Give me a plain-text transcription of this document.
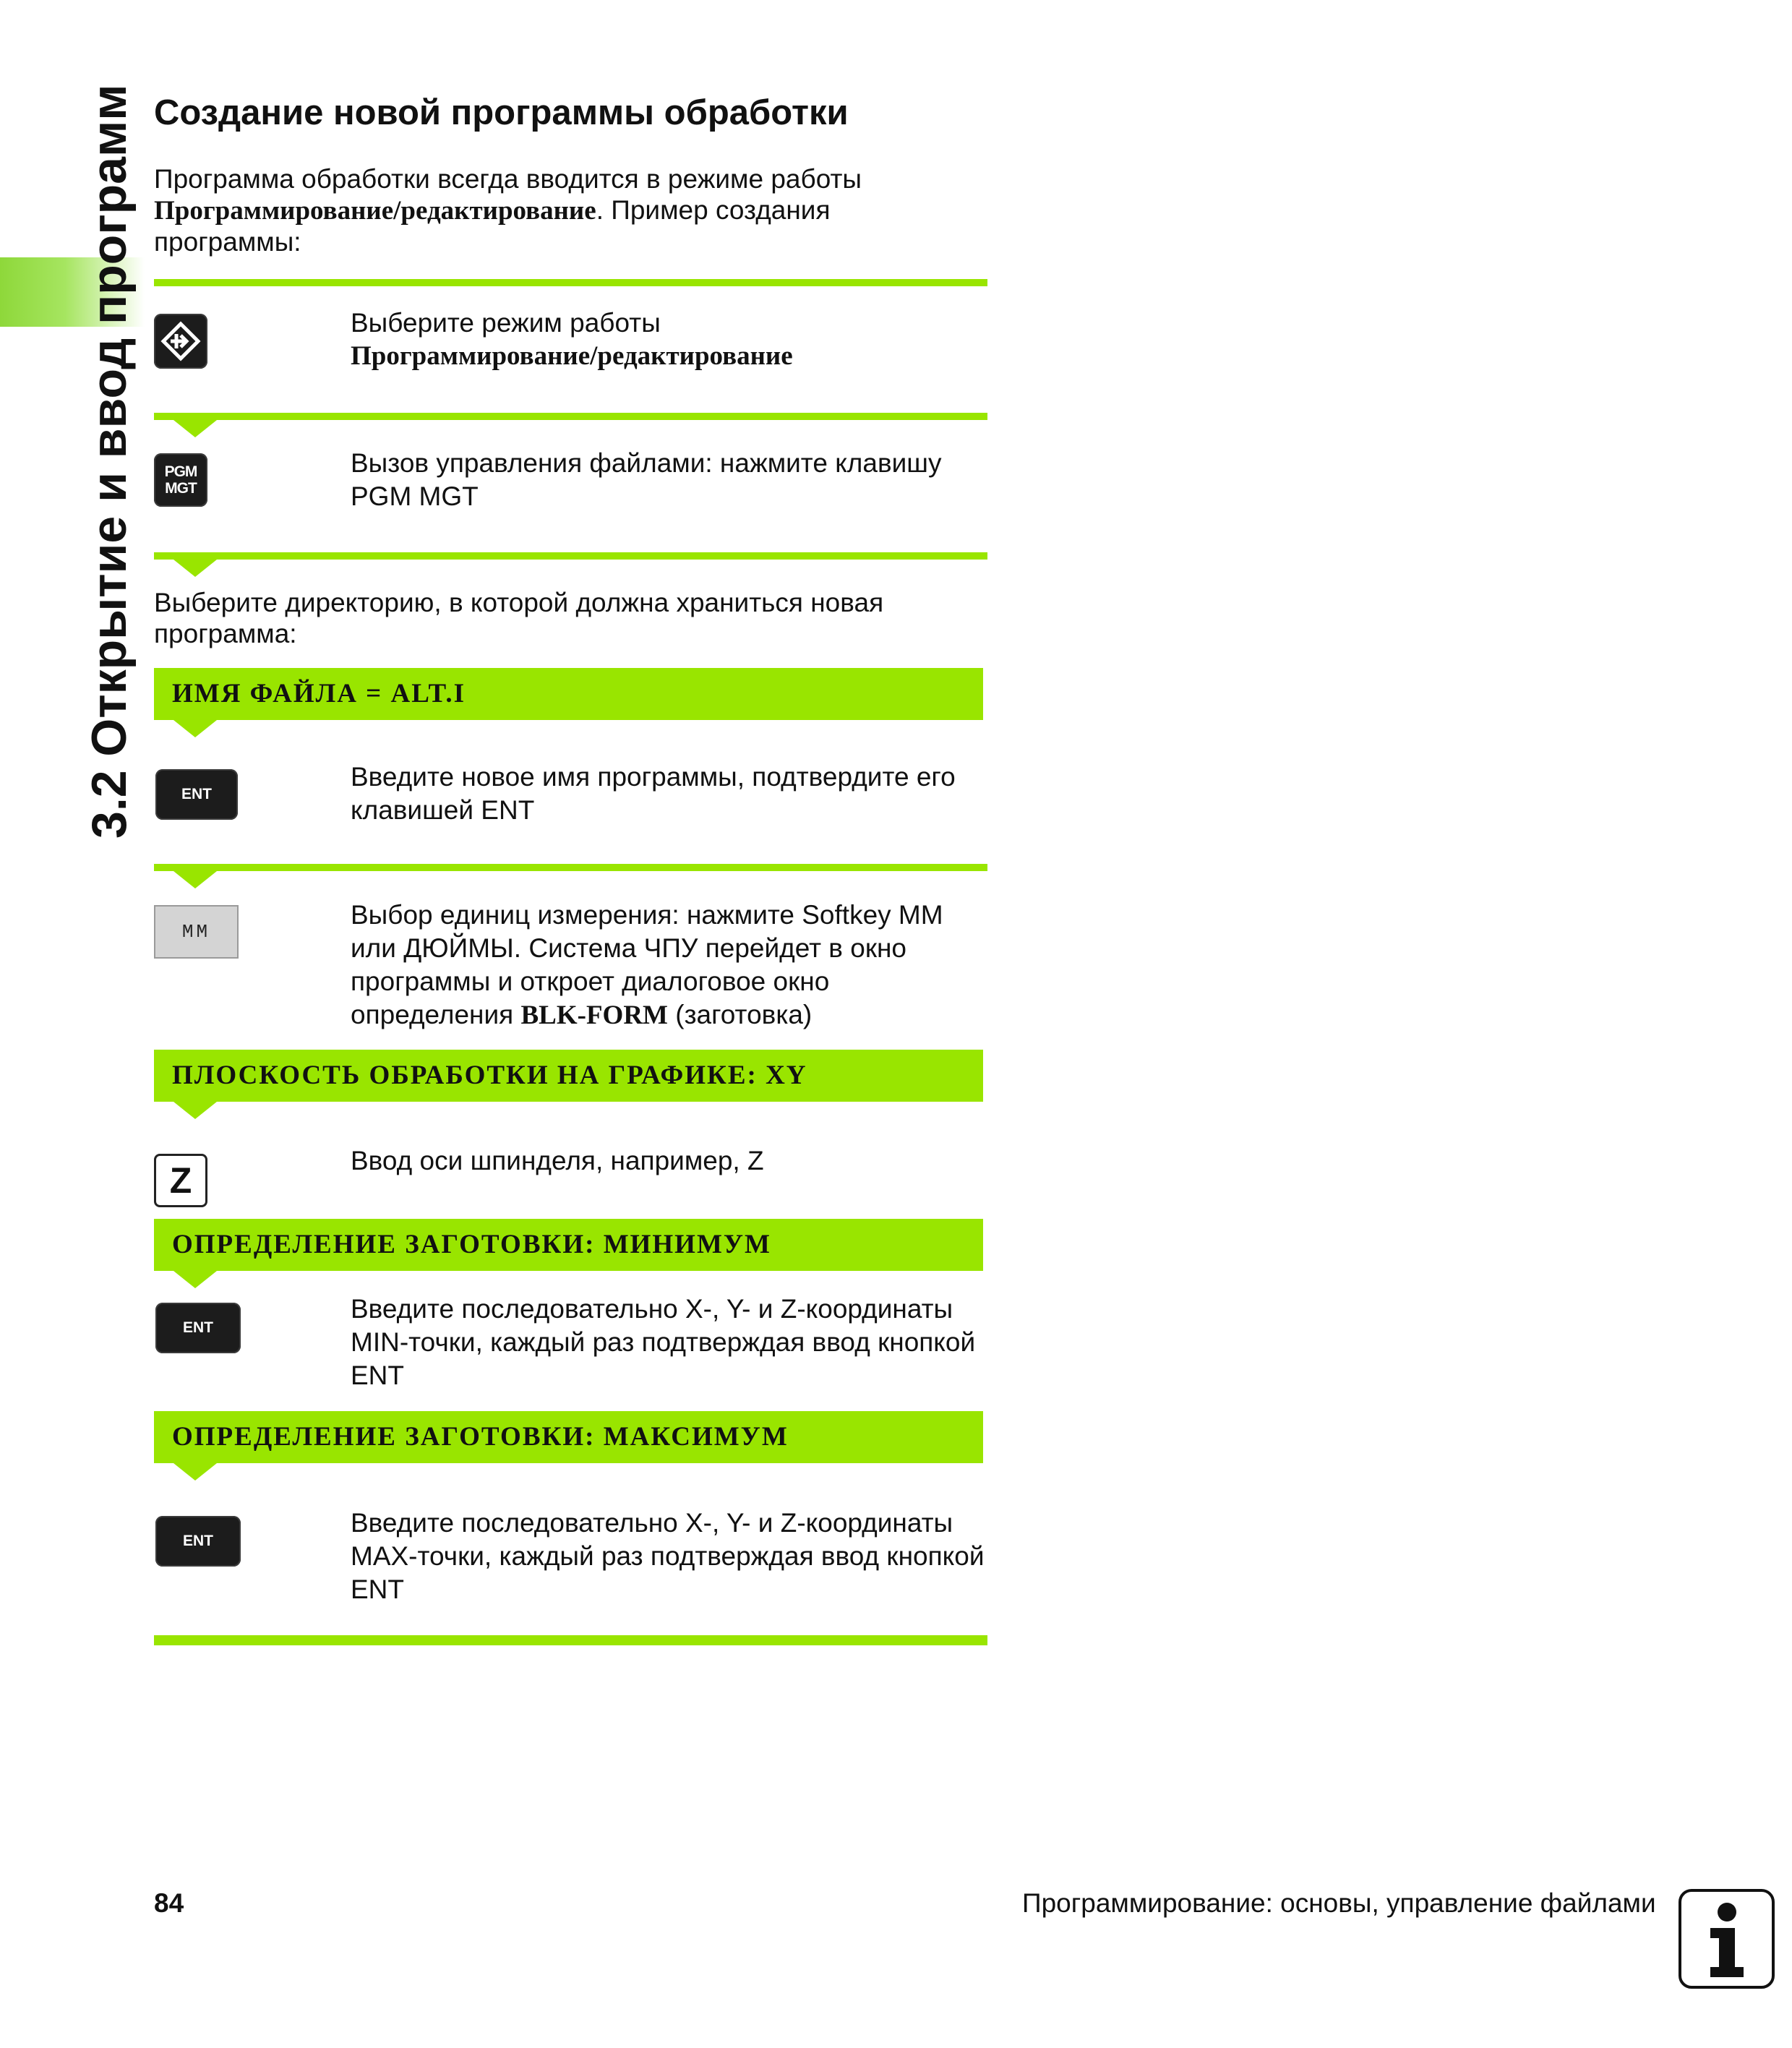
3.2 Открытие и ввод программ Создание новой программы обработки
Программа обработки всегда вводится в режиме работы
Программирование/редактирование. Пример создания
программы:
Выберите режим работы
Программирование/редактирование
PGM
MGT
Вызов управления файлами: нажмите клавишу
PGM MGT
Выберите директорию, в которой должна храниться новая
программа:
ИМЯ ФАЙЛА = ALT.I
ENT
Введите новое имя программы, подтвердите его
клавишей ENT
MM
Выбор единиц измерения: нажмите Softkey MM
или ДЮЙМЫ. Система ЧПУ перейдет в окно
программы и откроет диалоговое окно
определения BLK-FORM (заготовка)
ПЛОСКОСТЬ ОБРАБОТКИ НА ГРАФИКЕ: XY
Z	Ввод оси шпинделя, например, Z
ОПРЕДЕЛЕНИЕ ЗАГОТОВКИ: МИНИМУМ
ENT
Введите последовательно X-, Y- и Z-координаты
MIN-точки, каждый раз подтверждая ввод кнопкой
ENT
ОПРЕДЕЛЕНИЕ ЗАГОТОВКИ: МАКСИМУМ
ENT
Введите последовательно X-, Y- и Z-координаты
MAX-точки, каждый раз подтверждая ввод кнопкой
ENT
84	Программирование: основы, управление файлами
